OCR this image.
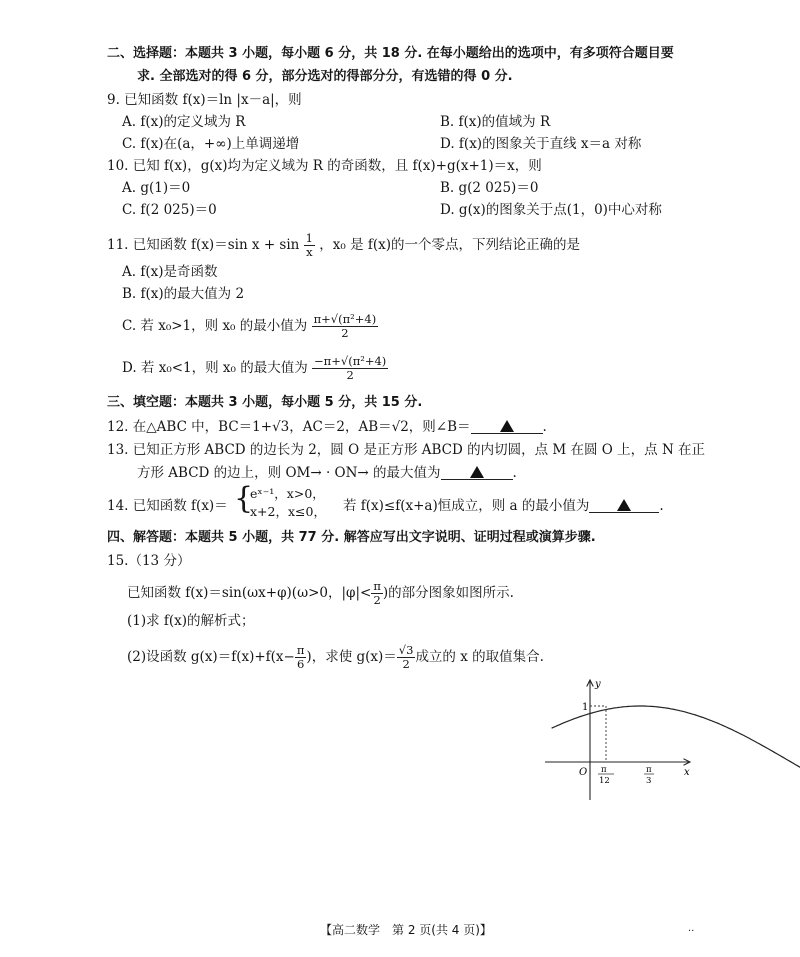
二、选择题：本题共 3 小题，每小题 6 分，共 18 分. 在每小题给出的选项中，有多项符合题目要
求. 全部选对的得 6 分，部分选对的得部分分，有选错的得 0 分.
9. 已知函数 f(x)＝ln |x－a|，则
A. f(x)的定义域为 R	B. f(x)的值域为 R
C. f(x)在(a，+∞)上单调递增	D. f(x)的图象关于直线 x＝a 对称
10. 已知 f(x)，g(x)均为定义域为 R 的奇函数，且 f(x)+g(x+1)＝x，则
A. g(1)＝0	B. g(2 025)＝0
C. f(2 025)＝0	D. g(x)的图象关于点(1，0)中心对称
11. 已知函数 f(x)＝sin $x + \sin \frac{1}{x}$ ，x₀ 是 f(x)的一个零点，下列结论正确的是
A. f(x)是奇函数
B. f(x)的最大值为 2
C. 若 x₀>1，则 x₀ 的最小值为 $\frac{\text{π+√(π²+4)}}{2}$
D. 若 x₀<1，则 x₀ 的最大值为 $\frac{\text{−π+√(π²+4)}}{2}$
三、填空题：本题共 3 小题，每小题 5 分，共 15 分.
12. 在△ABC 中，BC＝1+√3，AC＝2，AB＝√2，则∠B＝	.
13. 已知正方形 ABCD 的边长为 2，圆 O 是正方形 ABCD 的内切圆，点 M 在圆 O 上，点 N 在正
方形 ABCD 的边上，则 OM→ · ON→ 的最大值为	.
14. 已知函数 f(x)＝ {
eˣ⁻¹，x>0，
x+2，x≤0， 若 f(x)≤f(x+a)恒成立，则 a 的最小值为	.
四、解答题：本题共 5 小题，共 77 分. 解答应写出文字说明、证明过程或演算步骤.
15.（13 分）
已知函数 f(x)＝sin(ωx+φ)(ω>0，$|\varphi|< \frac{\pi}{2}$ )的部分图象如图所示.
(1)求 f(x)的解析式；
(2)设函数 $g(x)=f(x)+f(x- \frac{\pi}{6}$ )，求使 $g(x)= \frac{√3}{2}$ 成立的 x 的取值集合.
y
x
O
1
π
12
π
3
【高二数学　第 2 页(共 4 页)】	··
